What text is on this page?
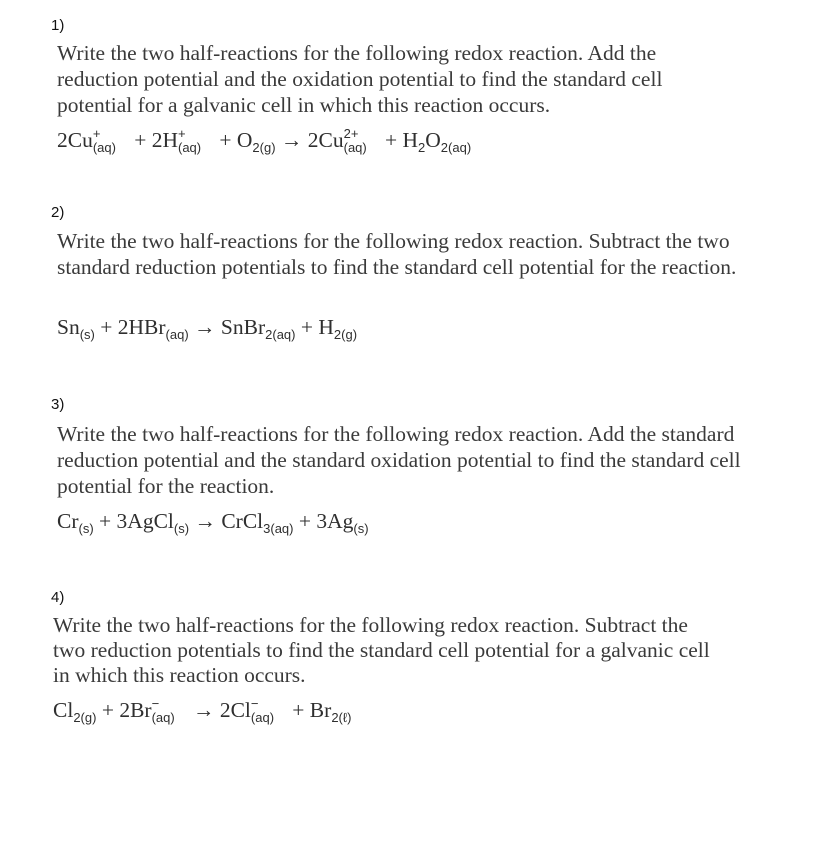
1)
Write the two half-reactions for the following redox reaction. Add the reduction potential and the oxidation potential to find the standard cell potential for a galvanic cell in which this reaction occurs.
2Cu +
(aq) + 2H +
$(aq) + O_{2(g)} \to 2Cu$ 2+
$(aq) + H_2O_{2(aq)}$
2)
Write the two half-reactions for the following redox reaction. Subtract the two standard reduction potentials to find the standard cell potential for the reaction.
$Sn_{(s)} + 2HBr_{(aq)}$ → SnBr$_{2(aq)}$ + $H_{2(g)}$
3)
Write the two half-reactions for the following redox reaction. Add the standard reduction potential and the standard oxidation potential to find the standard cell potential for the reaction.
$Cr_{(s)}$ + 3AgCl$_{(s)}$ → CrCl$_{3(aq)}$ + $3Ag_{(s)}$
4)
Write the two half-reactions for the following redox reaction. Subtract the two reduction potentials to find the standard cell potential for a galvanic cell in which this reaction occurs.
$Cl_{2(g)} + 2Br$ −
(aq) → 2Cl −
$(aq) + Br_{2(\ell)}$
